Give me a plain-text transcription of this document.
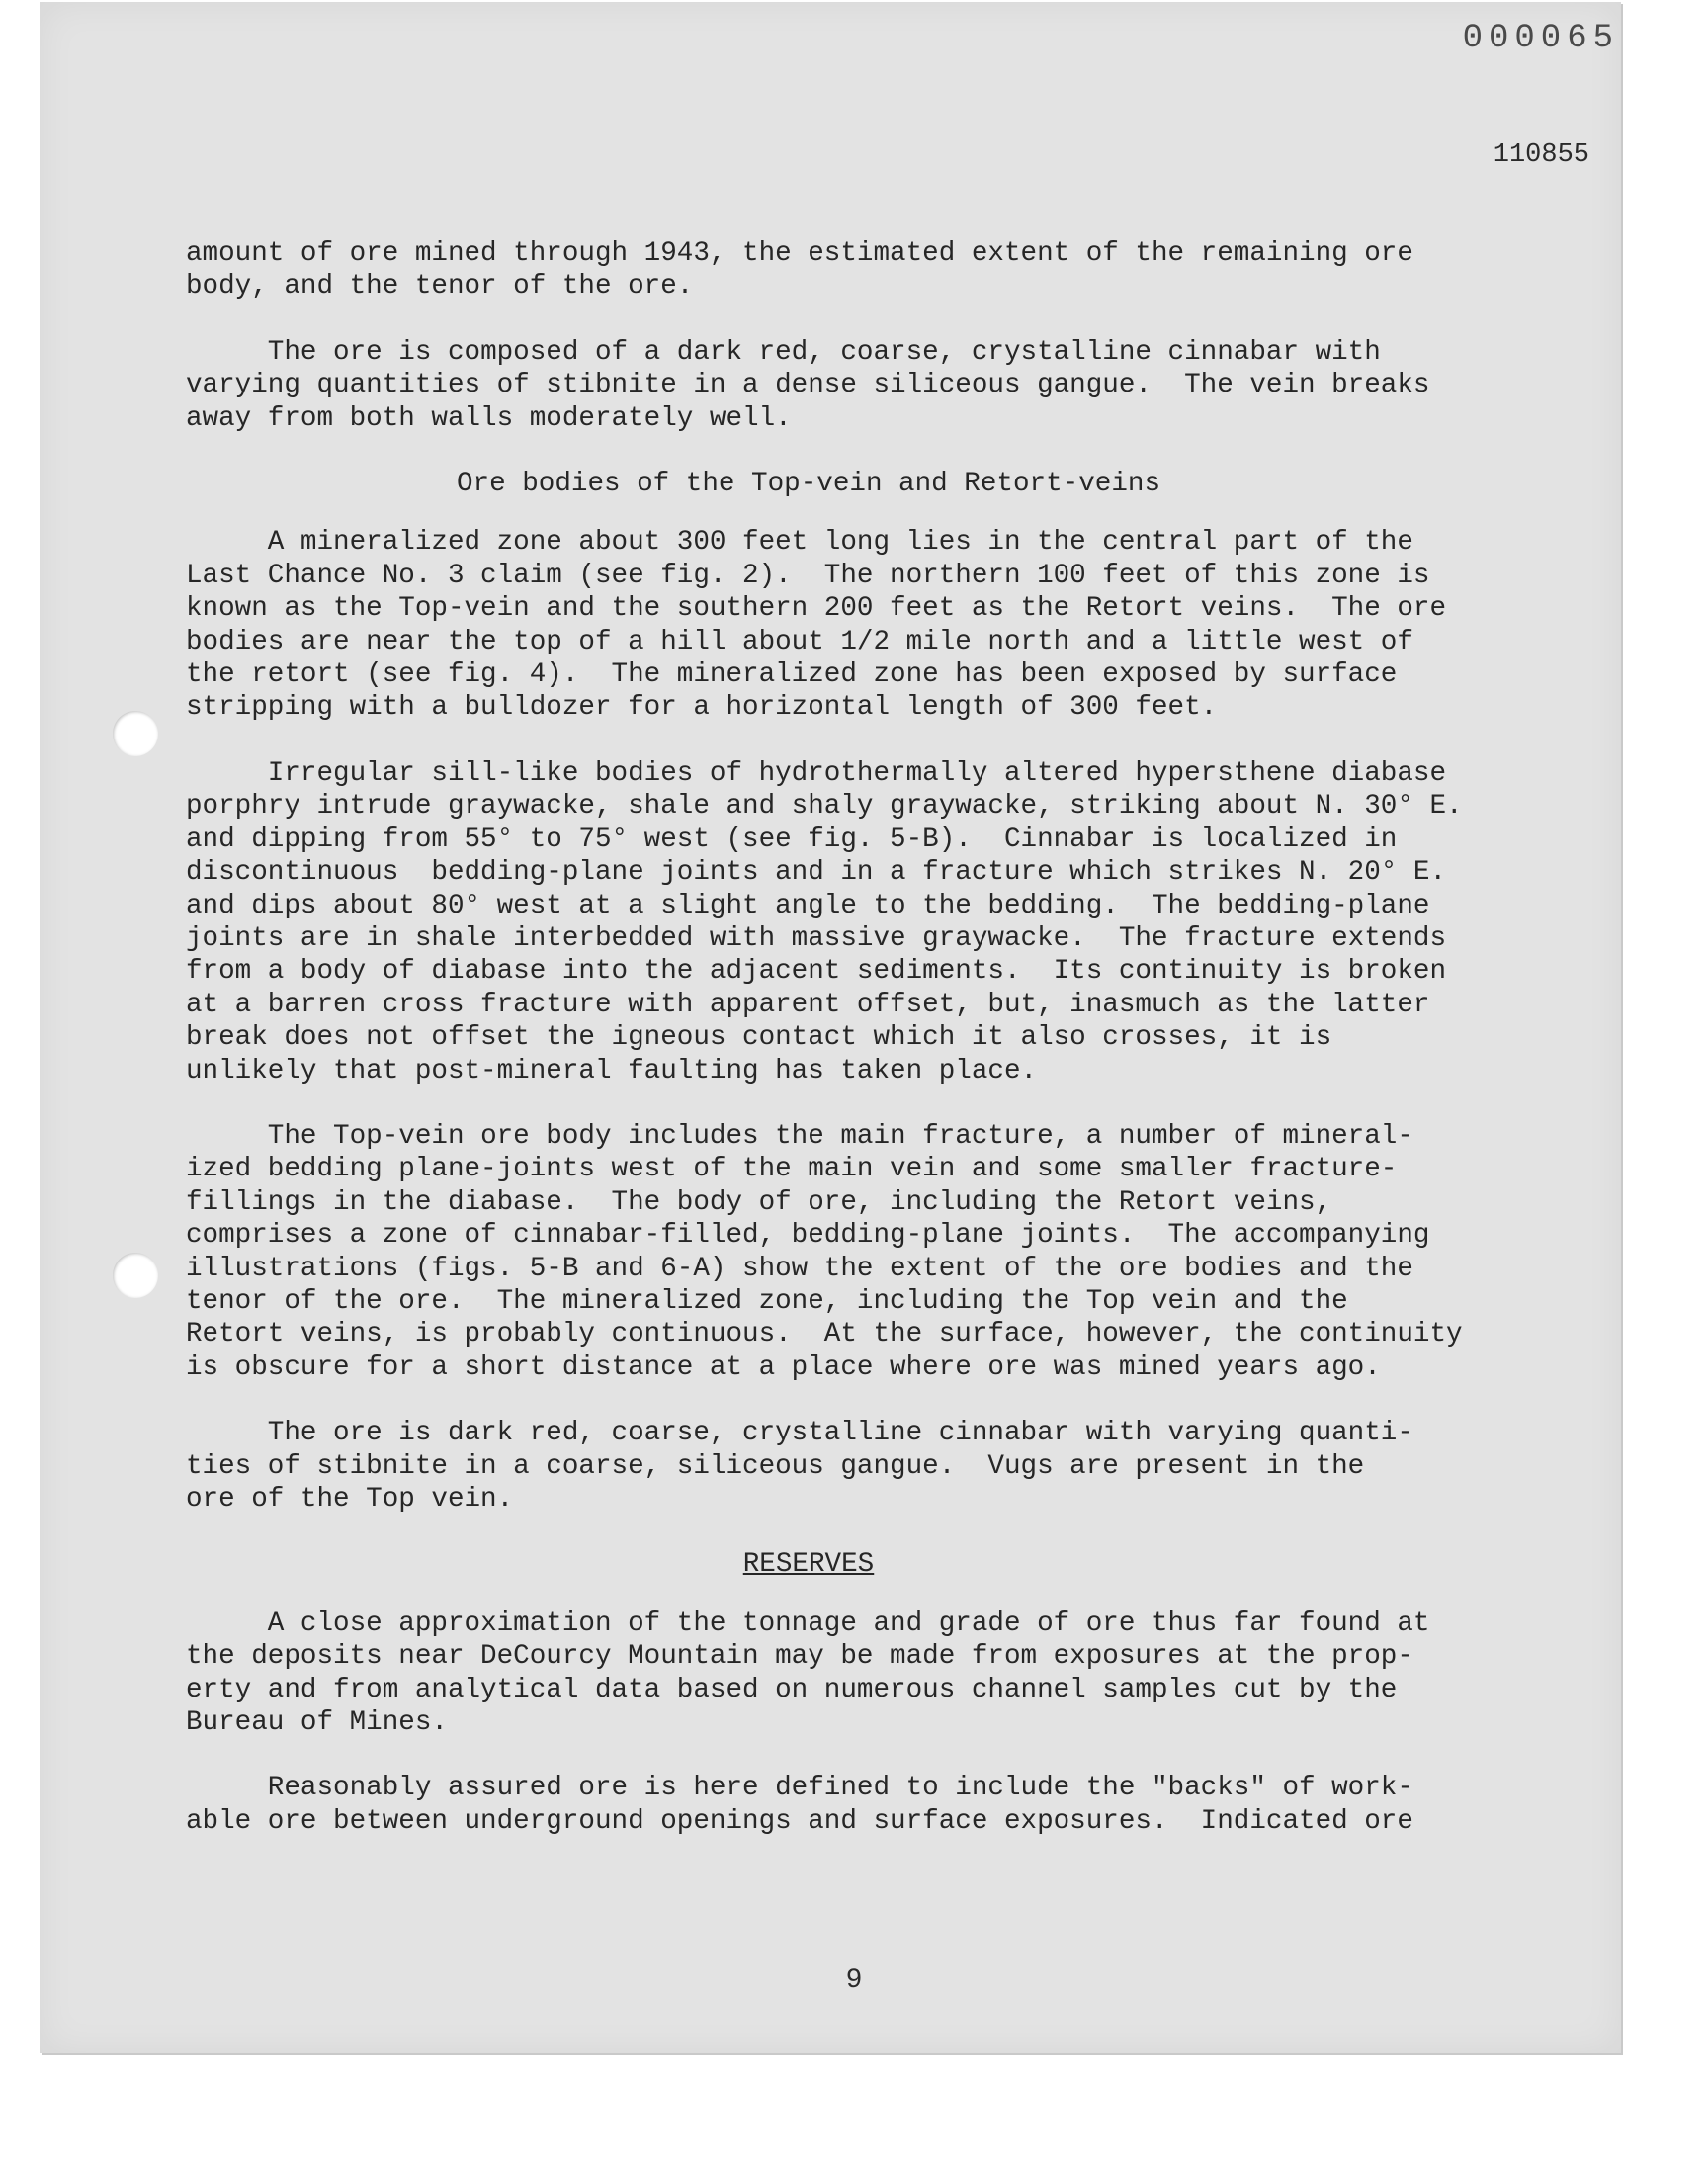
000065
110855

amount of ore mined through 1943, the estimated extent of the remaining ore
body, and the tenor of the ore.

The ore is composed of a dark red, coarse, crystalline cinnabar with
varying quantities of stibnite in a dense siliceous gangue.  The vein breaks
away from both walls moderately well.

Ore bodies of the Top-vein and Retort-veins

A mineralized zone about 300 feet long lies in the central part of the
Last Chance No. 3 claim (see fig. 2).  The northern 100 feet of this zone is
known as the Top-vein and the southern 200 feet as the Retort veins.  The ore
bodies are near the top of a hill about 1/2 mile north and a little west of
the retort (see fig. 4).  The mineralized zone has been exposed by surface
stripping with a bulldozer for a horizontal length of 300 feet.

Irregular sill-like bodies of hydrothermally altered hypersthene diabase
porphry intrude graywacke, shale and shaly graywacke, striking about N. 30° E.
and dipping from 55° to 75° west (see fig. 5-B).  Cinnabar is localized in
discontinuous  bedding-plane joints and in a fracture which strikes N. 20° E.
and dips about 80° west at a slight angle to the bedding.  The bedding-plane
joints are in shale interbedded with massive graywacke.  The fracture extends
from a body of diabase into the adjacent sediments.  Its continuity is broken
at a barren cross fracture with apparent offset, but, inasmuch as the latter
break does not offset the igneous contact which it also crosses, it is
unlikely that post-mineral faulting has taken place.

The Top-vein ore body includes the main fracture, a number of mineral-
ized bedding plane-joints west of the main vein and some smaller fracture-
fillings in the diabase.  The body of ore, including the Retort veins,
comprises a zone of cinnabar-filled, bedding-plane joints.  The accompanying
illustrations (figs. 5-B and 6-A) show the extent of the ore bodies and the
tenor of the ore.  The mineralized zone, including the Top vein and the
Retort veins, is probably continuous.  At the surface, however, the continuity
is obscure for a short distance at a place where ore was mined years ago.

The ore is dark red, coarse, crystalline cinnabar with varying quanti-
ties of stibnite in a coarse, siliceous gangue.  Vugs are present in the
ore of the Top vein.

RESERVES

A close approximation of the tonnage and grade of ore thus far found at
the deposits near DeCourcy Mountain may be made from exposures at the prop-
erty and from analytical data based on numerous channel samples cut by the
Bureau of Mines.

Reasonably assured ore is here defined to include the "backs" of work-
able ore between underground openings and surface exposures.  Indicated ore

9
